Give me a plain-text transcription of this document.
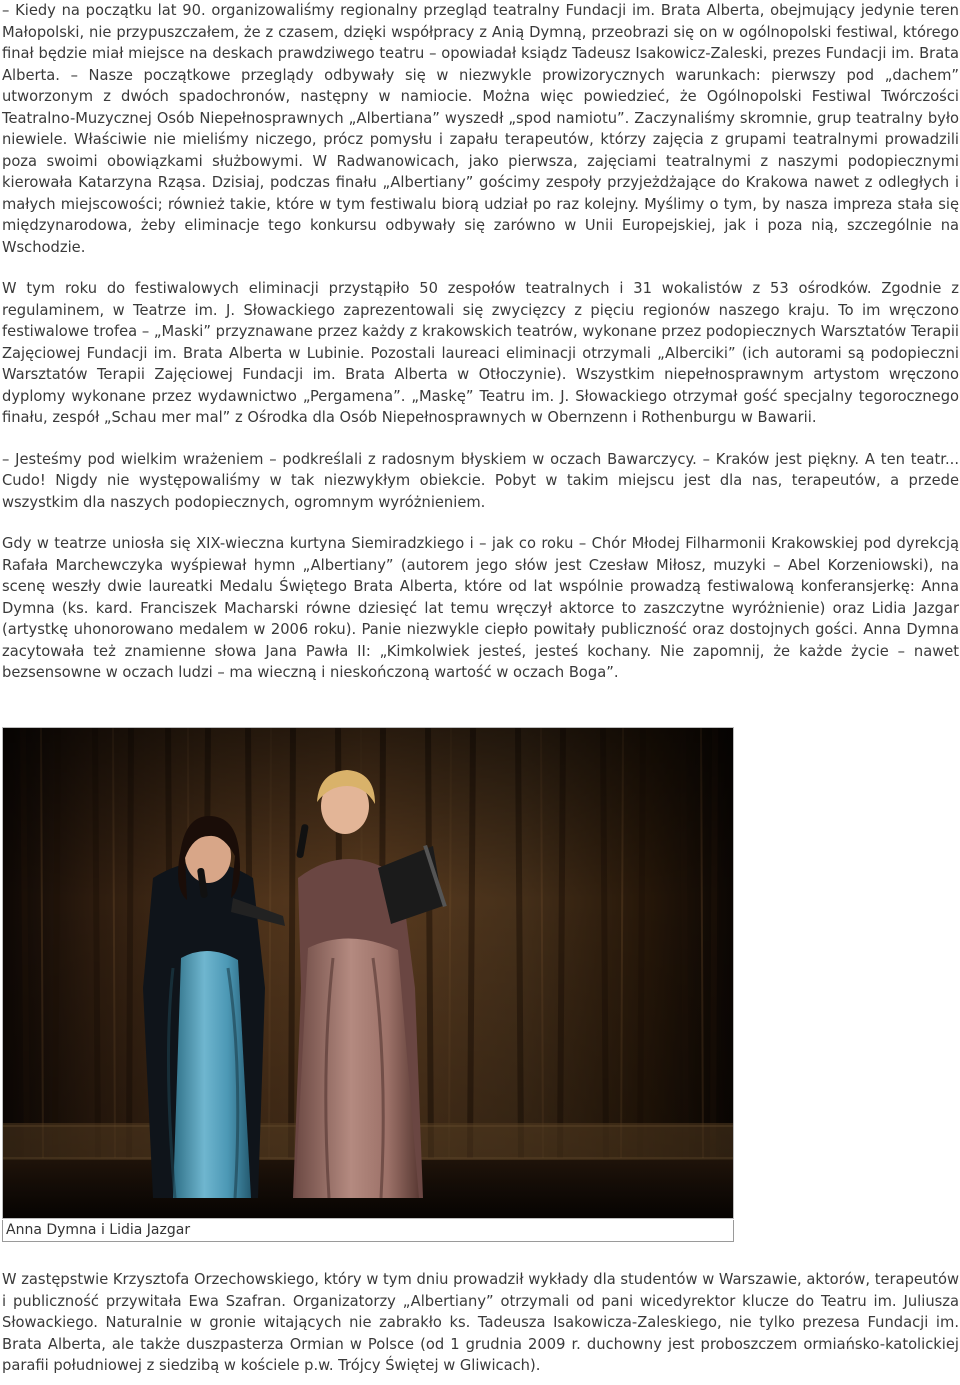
– Kiedy na początku lat 90. organizowaliśmy regionalny przegląd teatralny Fundacji im. Brata Alberta, obejmujący jedynie teren Małopolski, nie przypuszczałem, że z czasem, dzięki współpracy z Anią Dymną, przeobrazi się on w ogólnopolski festiwal, którego finał będzie miał miejsce na deskach prawdziwego teatru – opowiadał ksiądz Tadeusz Isakowicz-Zaleski, prezes Fundacji im. Brata Alberta. – Nasze początkowe przeglądy odbywały się w niezwykle prowizorycznych warunkach: pierwszy pod „dachem” utworzonym z dwóch spadochronów, następny w namiocie. Można więc powiedzieć, że Ogólnopolski Festiwal Twórczości Teatralno-Muzycznej Osób Niepełnosprawnych „Albertiana” wyszedł „spod namiotu”. Zaczynaliśmy skromnie, grup teatralny było niewiele. Właściwie nie mieliśmy niczego, prócz pomysłu i zapału terapeutów, którzy zajęcia z grupami teatralnymi prowadzili poza swoimi obowiązkami służbowymi. W Radwanowicach, jako pierwsza, zajęciami teatralnymi z naszymi podopiecznymi kierowała Katarzyna Rząsa. Dzisiaj, podczas finału „Albertiany” gościmy zespoły przyjeżdżające do Krakowa nawet z odległych i małych miejscowości; również takie, które w tym festiwalu biorą udział po raz kolejny. Myślimy o tym, by nasza impreza stała się międzynarodowa, żeby eliminacje tego konkursu odbywały się zarówno w Unii Europejskiej, jak i poza nią, szczególnie na Wschodzie.

W tym roku do festiwalowych eliminacji przystąpiło 50 zespołów teatralnych i 31 wokalistów z 53 ośrodków. Zgodnie z regulaminem, w Teatrze im. J. Słowackiego zaprezentowali się zwycięzcy z pięciu regionów naszego kraju. To im wręczono festiwalowe trofea – „Maski” przyznawane przez każdy z krakowskich teatrów, wykonane przez podopiecznych Warsztatów Terapii Zajęciowej Fundacji im. Brata Alberta w Lubinie. Pozostali laureaci eliminacji otrzymali „Alberciki” (ich autorami są podopieczni Warsztatów Terapii Zajęciowej Fundacji im. Brata Alberta w Otłoczynie). Wszystkim niepełnosprawnym artystom wręczono dyplomy wykonane przez wydawnictwo „Pergamena”. „Maskę” Teatru im. J. Słowackiego otrzymał gość specjalny tegorocznego finału, zespół „Schau mer mal” z Ośrodka dla Osób Niepełnosprawnych w Obernzenn i Rothenburgu w Bawarii.

– Jesteśmy pod wielkim wrażeniem – podkreślali z radosnym błyskiem w oczach Bawarczycy. – Kraków jest piękny. A ten teatr... Cudo! Nigdy nie występowaliśmy w tak niezwykłym obiekcie. Pobyt w takim miejscu jest dla nas, terapeutów, a przede wszystkim dla naszych podopiecznych, ogromnym wyróżnieniem.

Gdy w teatrze uniosła się XIX-wieczna kurtyna Siemiradzkiego i – jak co roku – Chór Młodej Filharmonii Krakowskiej pod dyrekcją Rafała Marchewczyka wyśpiewał hymn „Albertiany” (autorem jego słów jest Czesław Miłosz, muzyki – Abel Korzeniowski), na scenę weszły dwie laureatki Medalu Świętego Brata Alberta, które od lat wspólnie prowadzą festiwalową konferansjerkę: Anna Dymna (ks. kard. Franciszek Macharski równe dziesięć lat temu wręczył aktorce to zaszczytne wyróżnienie) oraz Lidia Jazgar (artystkę uhonorowano medalem w 2006 roku). Panie niezwykle ciepło powitały publiczność oraz dostojnych gości. Anna Dymna zacytowała też znamienne słowa Jana Pawła II: „Kimkolwiek jesteś, jesteś kochany. Nie zapomnij, że każde życie – nawet bezsensowne w oczach ludzi – ma wieczną i nieskończoną wartość w oczach Boga”.

Anna Dymna i Lidia Jazgar

W zastępstwie Krzysztofa Orzechowskiego, który w tym dniu prowadził wykłady dla studentów w Warszawie, aktorów, terapeutów i publiczność przywitała Ewa Szafran. Organizatorzy „Albertiany” otrzymali od pani wicedyrektor klucze do Teatru im. Juliusza Słowackiego. Naturalnie w gronie witających nie zabrakło ks. Tadeusza Isakowicza-Zaleskiego, nie tylko prezesa Fundacji im. Brata Alberta, ale także duszpasterza Ormian w Polsce (od 1 grudnia 2009 r. duchowny jest proboszczem ormiańsko-katolickiej parafii południowej z siedzibą w kościele p.w. Trójcy Świętej w Gliwicach).
